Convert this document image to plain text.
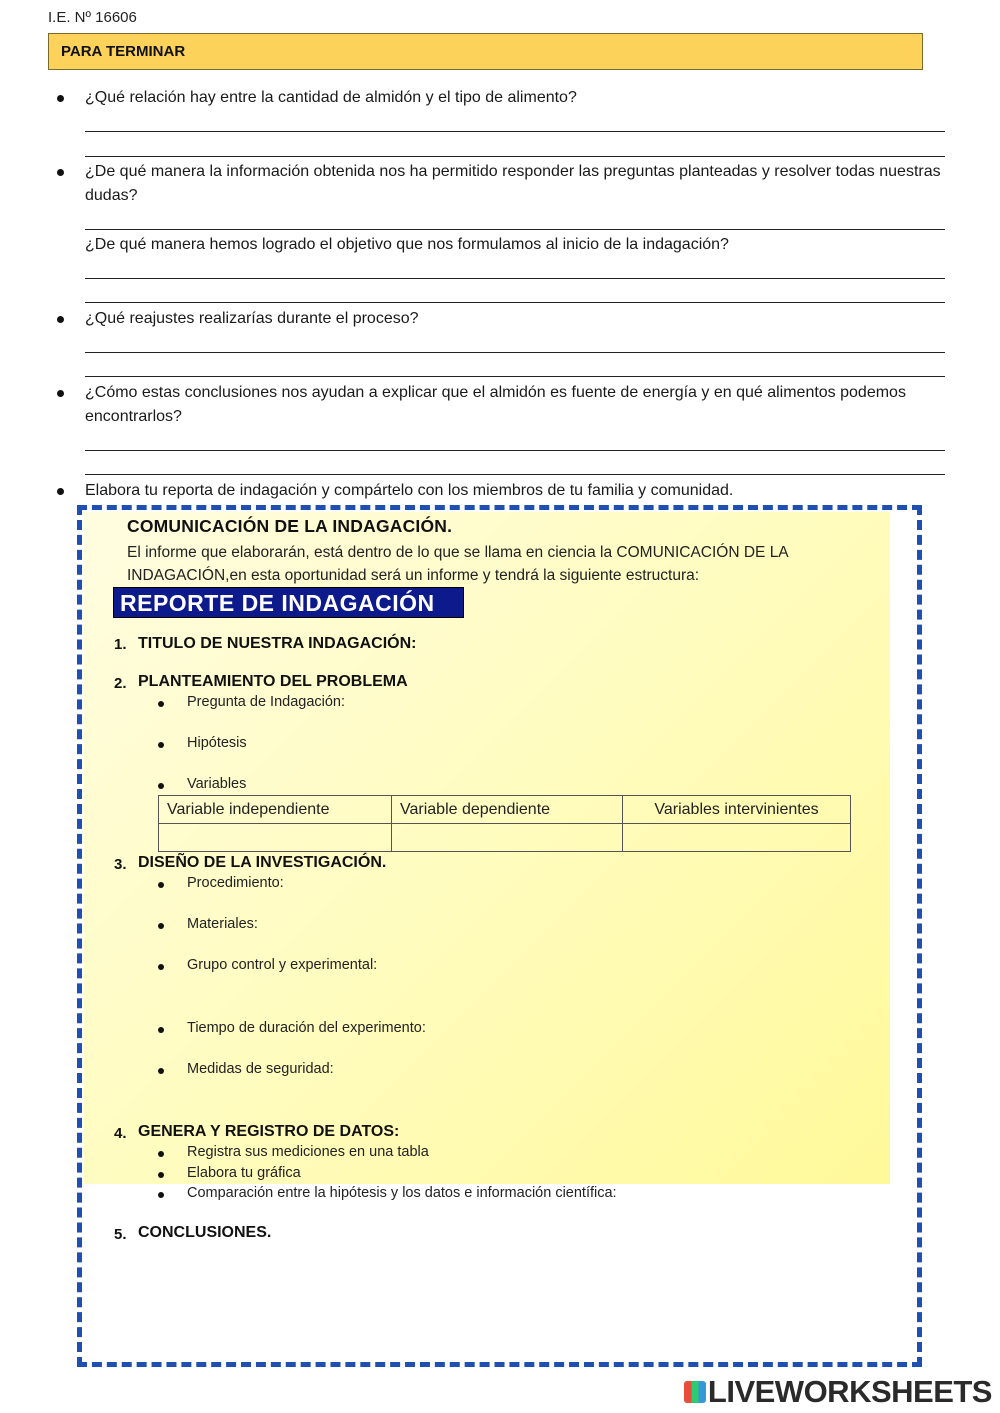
I.E. Nº 16606
PARA TERMINAR
¿Qué relación hay entre la cantidad de almidón y el tipo de alimento?
¿De qué manera la información obtenida nos ha permitido responder las preguntas planteadas y resolver todas nuestras dudas?
¿De qué manera hemos logrado el objetivo que nos formulamos al inicio de la indagación?
¿Qué reajustes realizarías durante el proceso?
¿Cómo estas conclusiones nos ayudan a explicar que el almidón es fuente de energía y en qué alimentos podemos encontrarlos?
Elabora tu reporta de indagación y compártelo con los miembros de tu familia y comunidad.
COMUNICACIÓN DE LA INDAGACIÓN.
El informe que elaborarán, está dentro de lo que se llama en ciencia la COMUNICACIÓN DE LA INDAGACIÓN,en esta oportunidad será un informe y tendrá la siguiente estructura:
REPORTE DE INDAGACIÓN
1. TITULO DE NUESTRA INDAGACIÓN:
2. PLANTEAMIENTO DEL PROBLEMA
Pregunta de Indagación:
Hipótesis
Variables
Variable independiente	Variable dependiente	Variables intervinientes

3. DISEÑO DE LA INVESTIGACIÓN.
Procedimiento:
Materiales:
Grupo control y experimental:
Tiempo de duración del experimento:
Medidas de seguridad:
4. GENERA Y REGISTRO DE DATOS:
Registra sus mediciones en una tabla
Elabora tu gráfica
Comparación entre la hipótesis y los datos e información científica:
5. CONCLUSIONES.
LIVEWORKSHEETS
